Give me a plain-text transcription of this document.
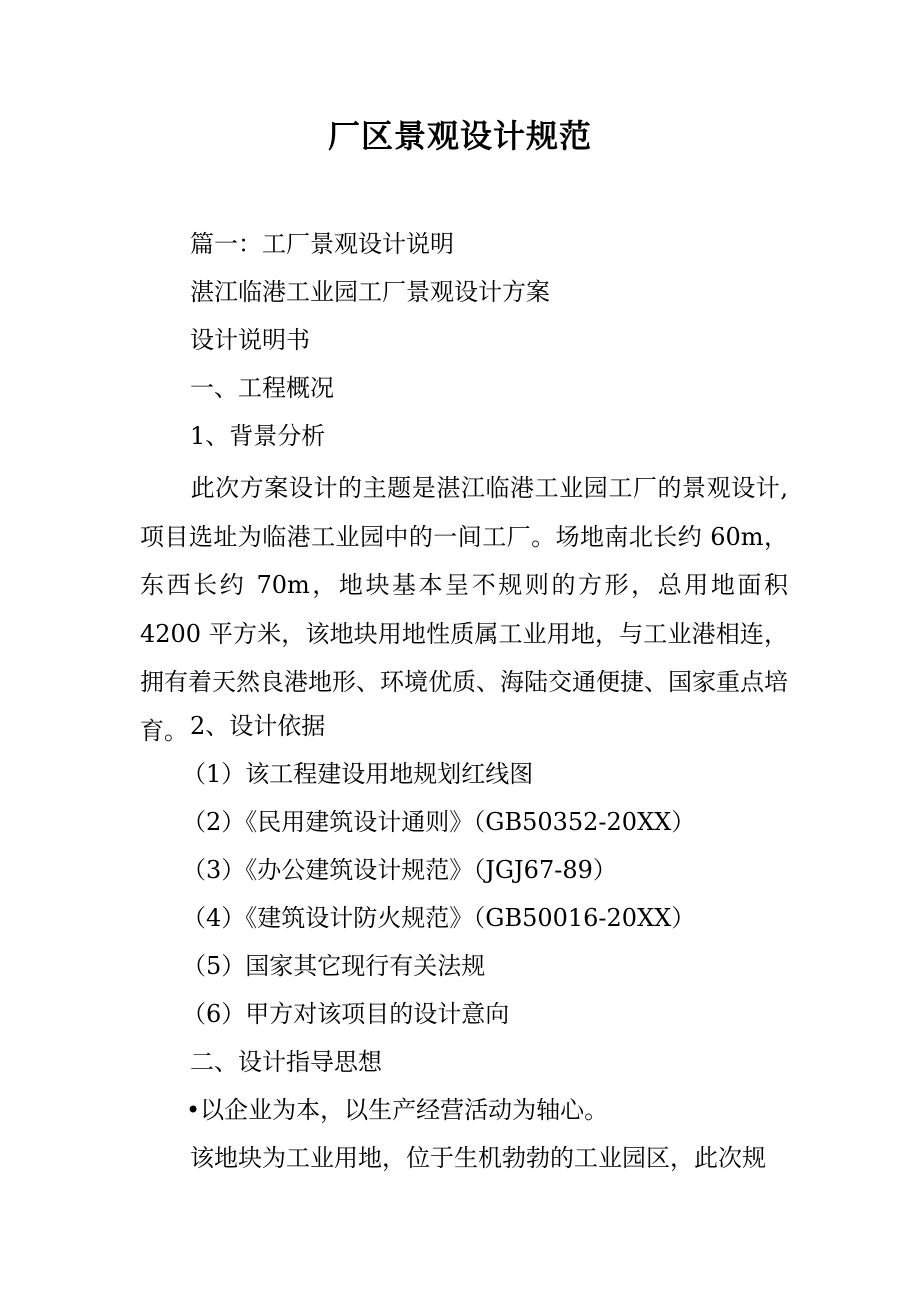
厂区景观设计规范
篇一：工厂景观设计说明
湛江临港工业园工厂景观设计方案
设计说明书
一、工程概况
1、背景分析
此次方案设计的主题是湛江临港工业园工厂的景观设计,项目选址为临港工业园中的一间工厂。场地南北长约 60m，东西长约 70m，地块基本呈不规则的方形，总用地面积 4200 平方米，该地块用地性质属工业用地，与工业港相连，拥有着天然良港地形、环境优质、海陆交通便捷、国家重点培育。 2、设计依据
（1）该工程建设用地规划红线图
（2）《民用建筑设计通则》（GB50352-20XX）
（3）《办公建筑设计规范》（JGJ67-89）
（4）《建筑设计防火规范》（GB50016-20XX）
（5）国家其它现行有关法规
（6）甲方对该项目的设计意向
二、设计指导思想
•以企业为本，以生产经营活动为轴心。
该地块为工业用地，位于生机勃勃的工业园区，此次规
